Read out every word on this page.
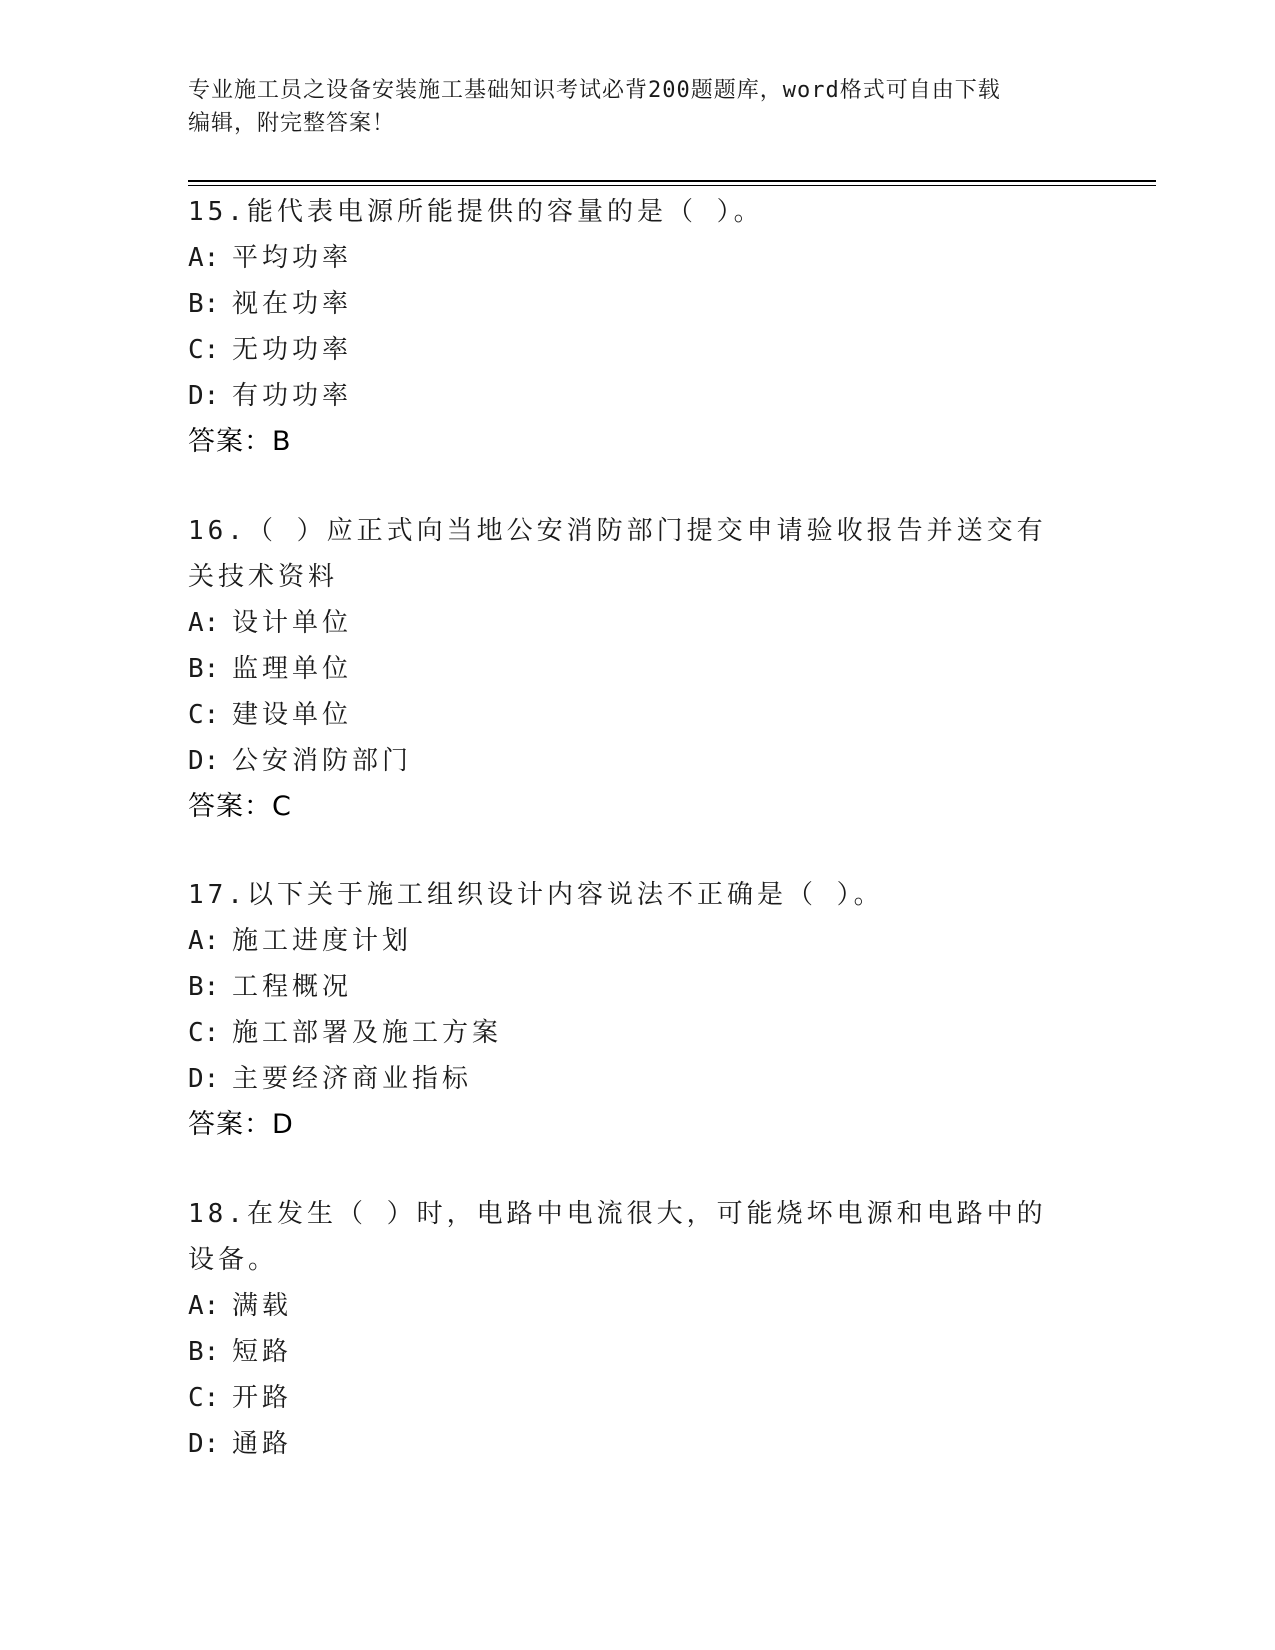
专业施工员之设备安装施工基础知识考试必背200题题库，word格式可自由下载
编辑，附完整答案！

15.能代表电源所能提供的容量的是（ ）。

A: 平均功率
B: 视在功率
C: 无功功率
D: 有功功率
答案：B

16.（ ）应正式向当地公安消防部门提交申请验收报告并送交有关技术资料

A: 设计单位
B: 监理单位
C: 建设单位
D: 公安消防部门
答案：C

17.以下关于施工组织设计内容说法不正确是（ ）。

A: 施工进度计划
B: 工程概况
C: 施工部署及施工方案
D: 主要经济商业指标
答案：D

18.在发生（ ）时，电路中电流很大，可能烧坏电源和电路中的设备。

A: 满载
B: 短路
C: 开路
D: 通路
